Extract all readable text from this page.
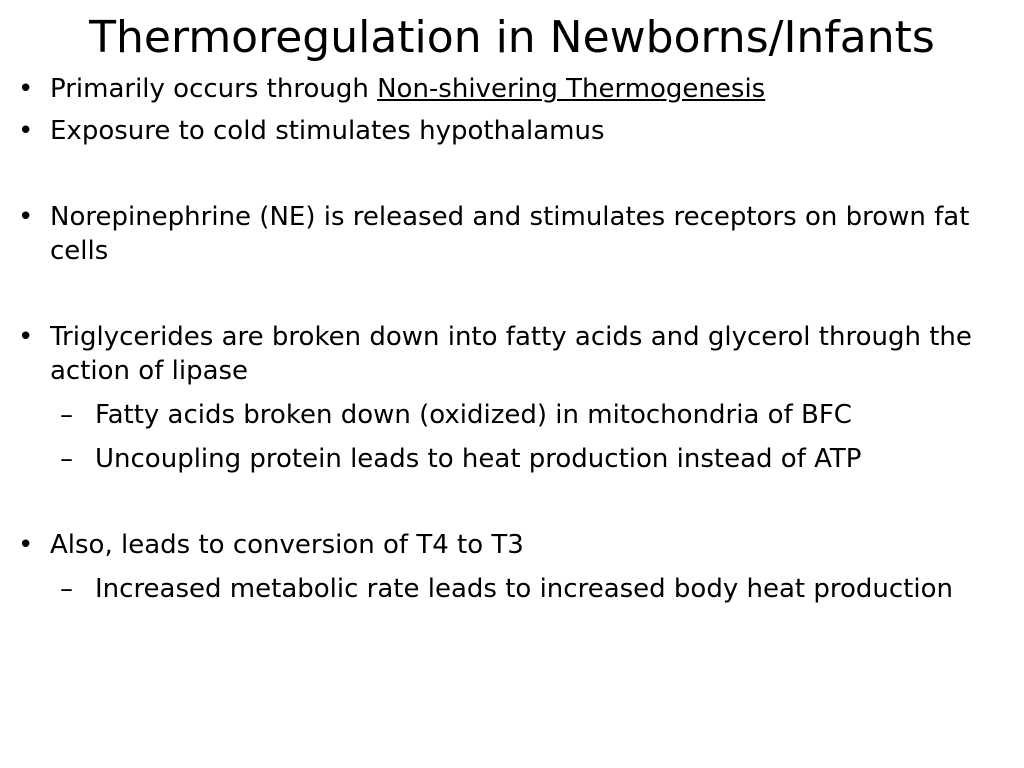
Thermoregulation in Newborns/Infants
• Primarily occurs through Non-shivering Thermogenesis
• Exposure to cold stimulates hypothalamus
• Norepinephrine (NE) is released and stimulates receptors on brown fat cells
• Triglycerides are broken down into fatty acids and glycerol through the action of lipase
– Fatty acids broken down (oxidized) in mitochondria of BFC
– Uncoupling protein leads to heat production instead of ATP
• Also, leads to conversion of T4 to T3
– Increased metabolic rate leads to increased body heat production
